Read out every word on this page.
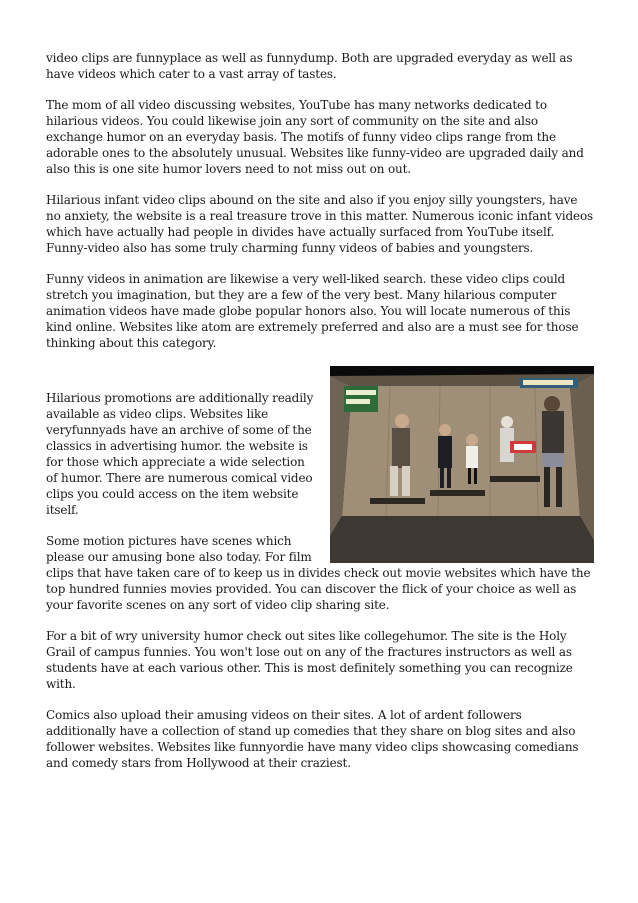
video clips are funnyplace as well as funnydump. Both are upgraded everyday as well as have videos which cater to a vast array of tastes.

The mom of all video discussing websites, YouTube has many networks dedicated to hilarious videos. You could likewise join any sort of community on the site and also exchange humor on an everyday basis. The motifs of funny video clips range from the adorable ones to the absolutely unusual. Websites like funny-video are upgraded daily and also this is one site humor lovers need to not miss out on out.

Hilarious infant video clips abound on the site and also if you enjoy silly youngsters, have no anxiety, the website is a real treasure trove in this matter. Numerous iconic infant videos which have actually had people in divides have actually surfaced from YouTube itself. Funny-video also has some truly charming funny videos of babies and youngsters.

Funny videos in animation are likewise a very well-liked search. these video clips could stretch you imagination, but they are a few of the very best. Many hilarious computer animation videos have made globe popular honors also. You will locate numerous of this kind online. Websites like atom are extremely preferred and also are a must see for those thinking about this category.

Hilarious promotions are additionally readily available as video clips. Websites like veryfunnyads have an archive of some of the classics in advertising humor. the website is for those which appreciate a wide selection of humor. There are numerous comical video clips you could access on the item website itself.

Some motion pictures have scenes which please our amusing bone also today. For film clips that have taken care of to keep us in divides check out movie websites which have the top hundred funnies movies provided. You can discover the flick of your choice as well as your favorite scenes on any sort of video clip sharing site.

For a bit of wry university humor check out sites like collegehumor. The site is the Holy Grail of campus funnies. You won't lose out on any of the fractures instructors as well as students have at each various other. This is most definitely something you can recognize with.

Comics also upload their amusing videos on their sites. A lot of ardent followers additionally have a collection of stand up comedies that they share on blog sites and also follower websites. Websites like funnyordie have many video clips showcasing comedians and comedy stars from Hollywood at their craziest.
